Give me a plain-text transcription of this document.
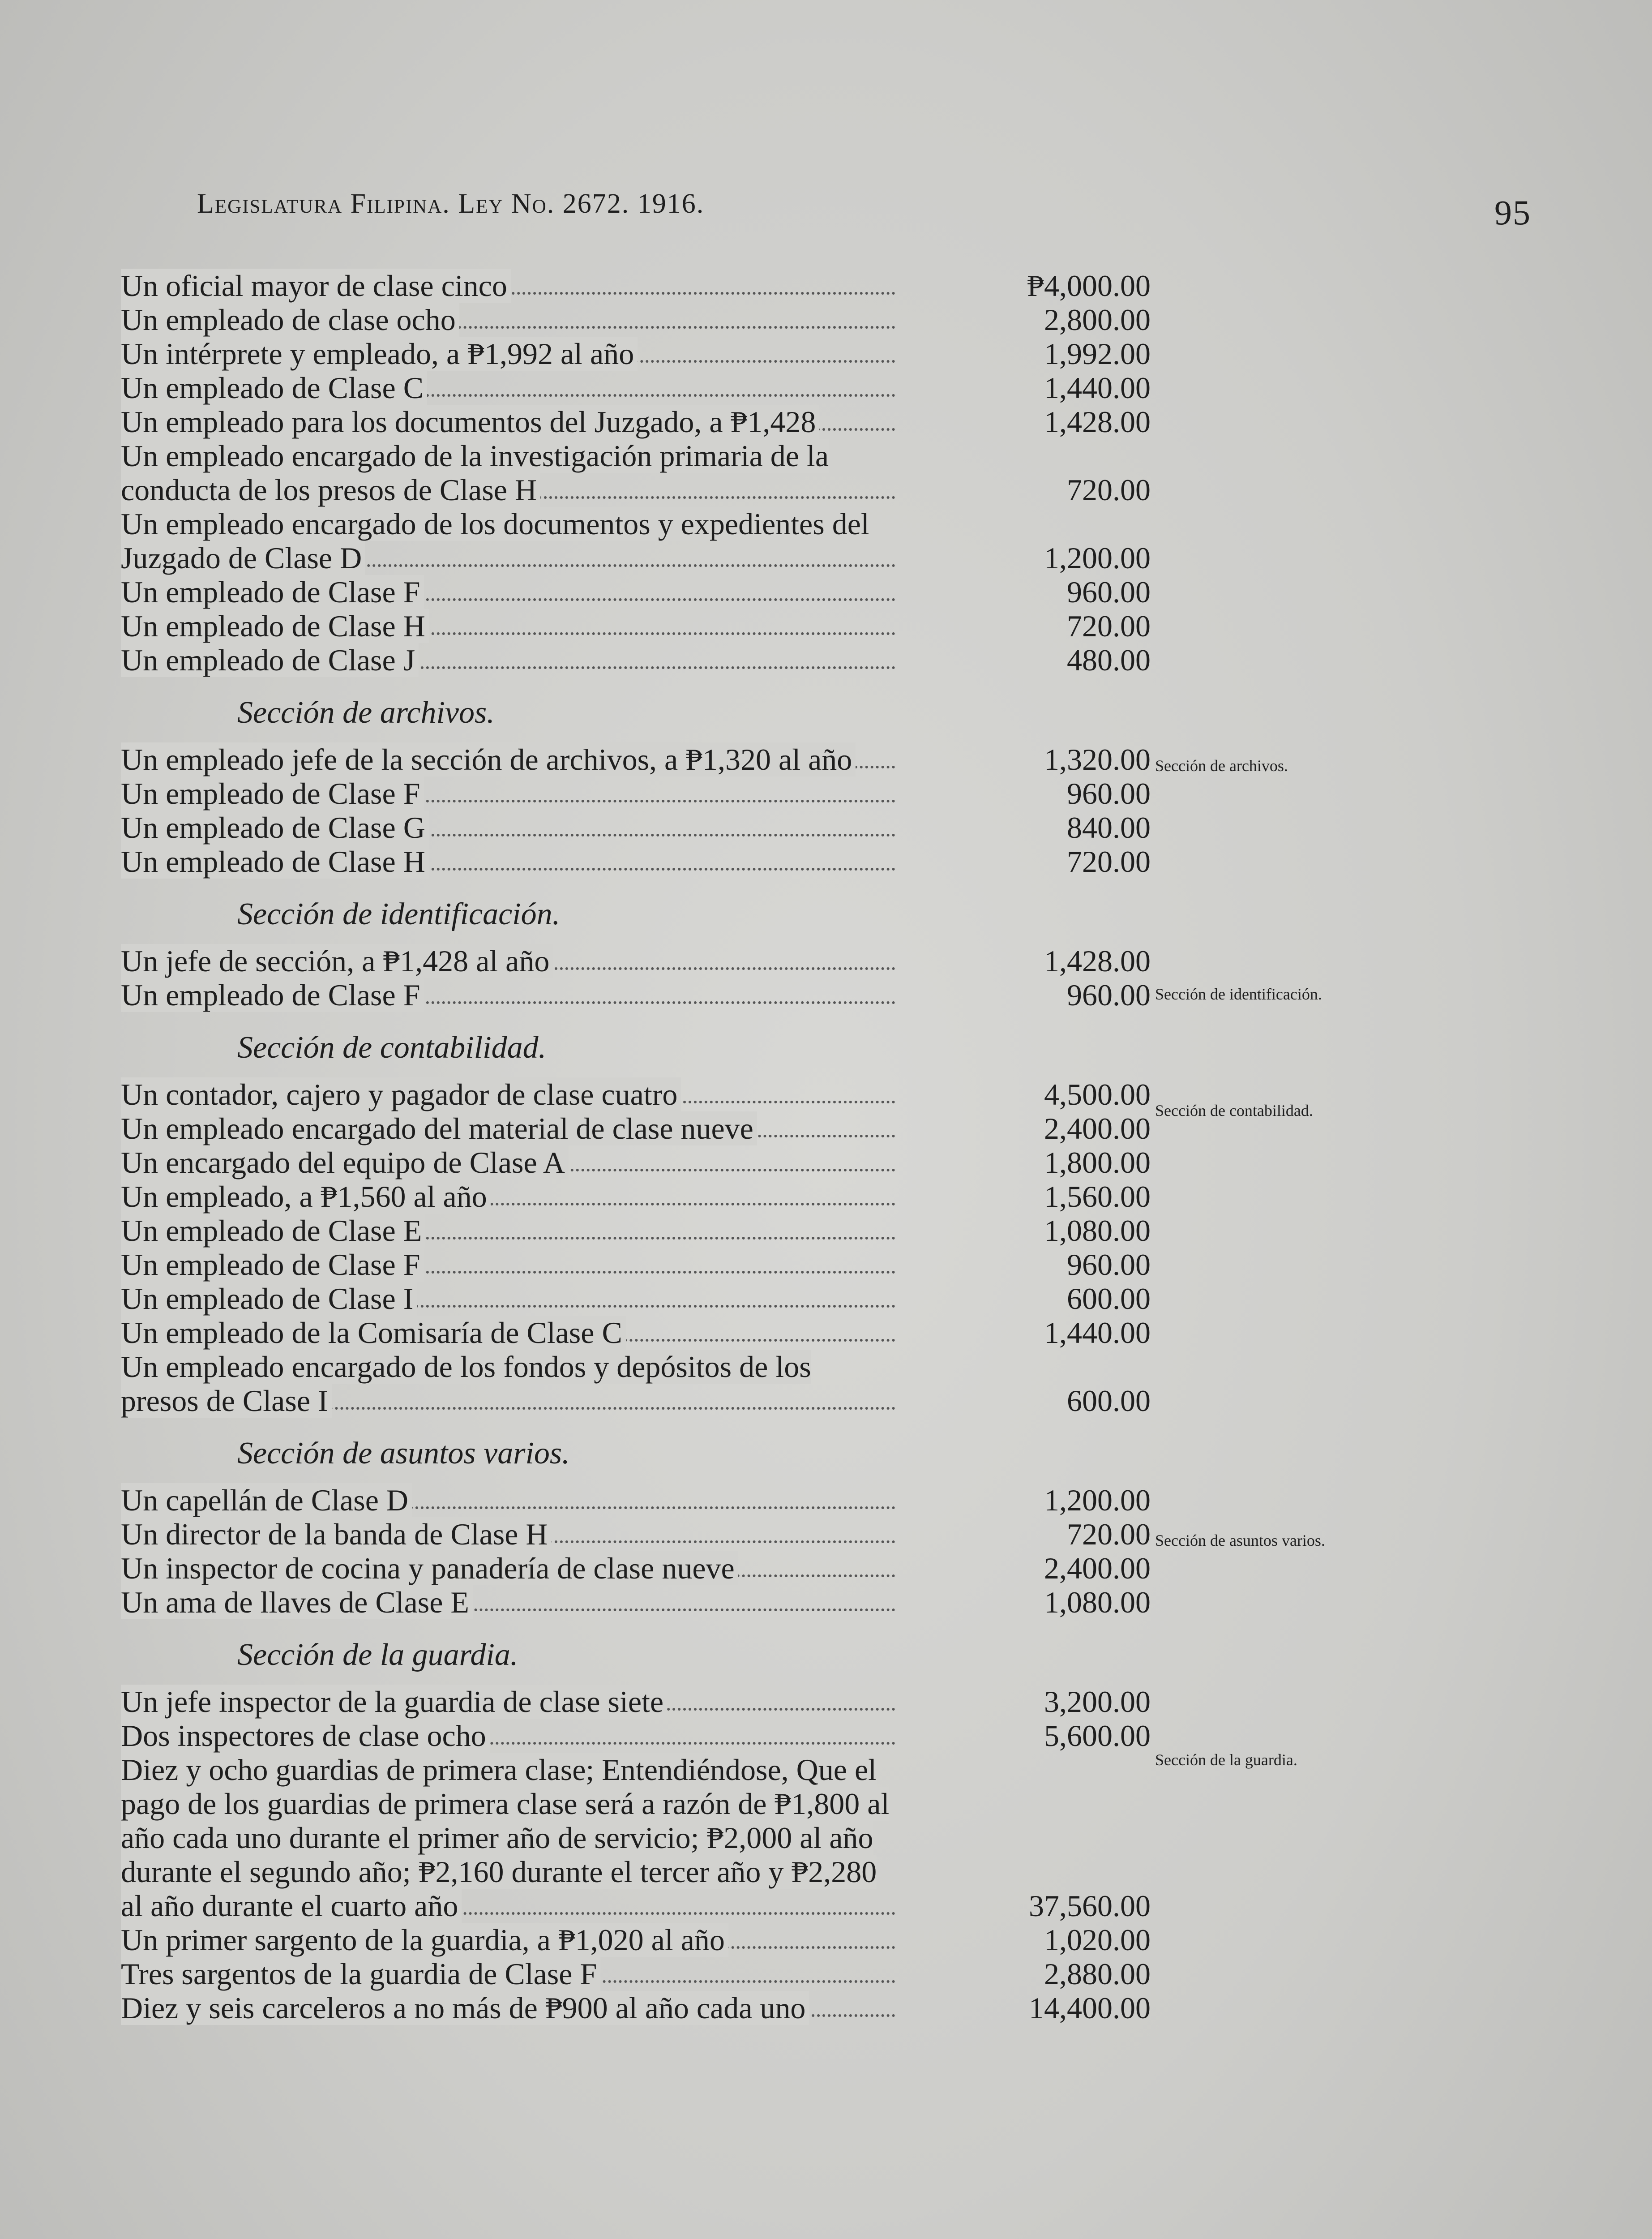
Legislatura Filipina. Ley No. 2672. 1916.	95
Un oficial mayor de clase cinco	₱4,000.00
Un empleado de clase ocho	2,800.00
Un intérprete y empleado, a ₱1,992 al año	1,992.00
Un empleado de Clase C	1,440.00
Un empleado para los documentos del Juzgado, a ₱1,428	1,428.00
Un empleado encargado de la investigación primaria de la conducta de los presos de Clase H	720.00
Un empleado encargado de los documentos y expedientes del Juzgado de Clase D	1,200.00
Un empleado de Clase F	960.00
Un empleado de Clase H	720.00
Un empleado de Clase J	480.00
Sección de archivos.
Un empleado jefe de la sección de archivos, a ₱1,320 al año	1,320.00
Un empleado de Clase F	960.00
Un empleado de Clase G	840.00
Un empleado de Clase H	720.00
Sección de identificación.
Un jefe de sección, a ₱1,428 al año	1,428.00
Un empleado de Clase F	960.00
Sección de contabilidad.
Un contador, cajero y pagador de clase cuatro	4,500.00
Un empleado encargado del material de clase nueve	2,400.00
Un encargado del equipo de Clase A	1,800.00
Un empleado, a ₱1,560 al año	1,560.00
Un empleado de Clase E	1,080.00
Un empleado de Clase F	960.00
Un empleado de Clase I	600.00
Un empleado de la Comisaría de Clase C	1,440.00
Un empleado encargado de los fondos y depósitos de los presos de Clase I	600.00
Sección de asuntos varios.
Un capellán de Clase D	1,200.00
Un director de la banda de Clase H	720.00
Un inspector de cocina y panadería de clase nueve	2,400.00
Un ama de llaves de Clase E	1,080.00
Sección de la guardia.
Un jefe inspector de la guardia de clase siete	3,200.00
Dos inspectores de clase ocho	5,600.00
Diez y ocho guardias de primera clase; Entendiéndose, Que el pago de los guardias de primera clase será a razón de ₱1,800 al año cada uno durante el primer año de servicio; ₱2,000 al año durante el segundo año; ₱2,160 durante el tercer año y ₱2,280 al año durante el cuarto año	37,560.00
Un primer sargento de la guardia, a ₱1,020 al año	1,020.00
Tres sargentos de la guardia de Clase F	2,880.00
Diez y seis carceleros a no más de ₱900 al año cada uno	14,400.00
Sección de archivos.
Sección de identificación.
Sección de contabilidad.
Sección de asuntos varios.
Sección de la guardia.
